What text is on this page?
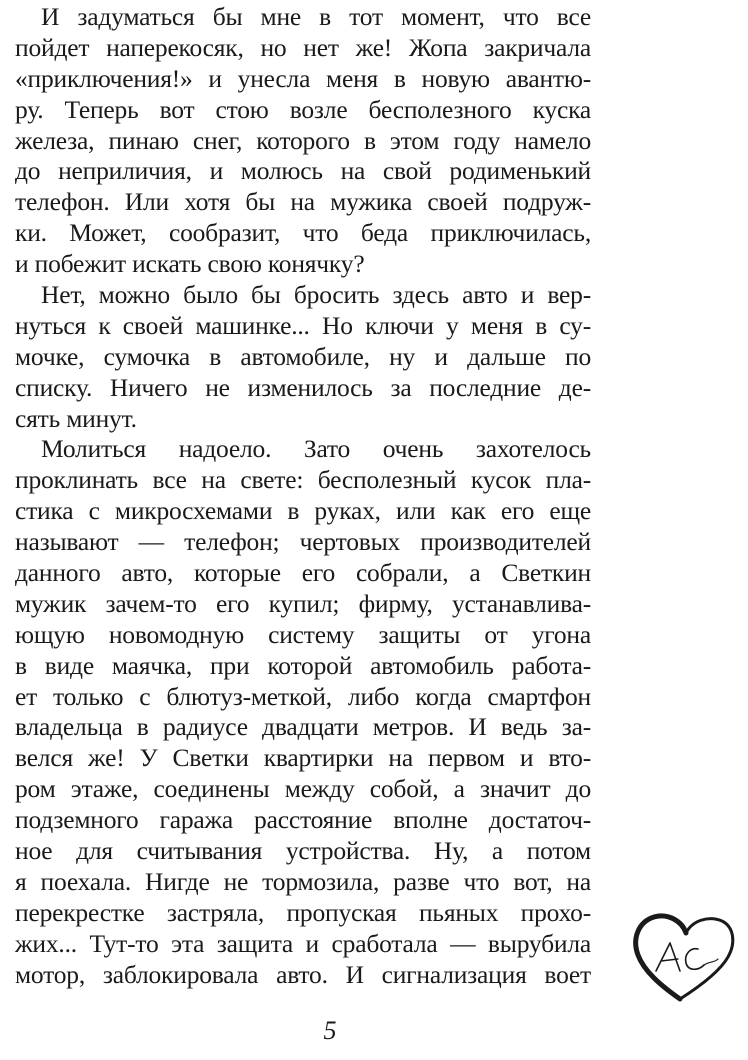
И задуматься бы мне в тот момент, что все
пойдет наперекосяк, но нет же! Жопа закричала
«приключения!» и унесла меня в новую авантю-
ру. Теперь вот стою возле бесполезного куска
железа, пинаю снег, которого в этом году намело
до неприличия, и молюсь на свой родименький
телефон. Или хотя бы на мужика своей подруж-
ки. Может, сообразит, что беда приключилась,
и побежит искать свою конячку?
Нет, можно было бы бросить здесь авто и вер-
нуться к своей машинке... Но ключи у меня в су-
мочке, сумочка в автомобиле, ну и дальше по
списку. Ничего не изменилось за последние де-
сять минут.
Молиться надоело. Зато очень захотелось
проклинать все на свете: бесполезный кусок пла-
стика с микросхемами в руках, или как его еще
называют — телефон; чертовых производителей
данного авто, которые его собрали, а Светкин
мужик зачем-то его купил; фирму, устанавлива-
ющую новомодную систему защиты от угона
в виде маячка, при которой автомобиль работа-
ет только с блютуз-меткой, либо когда смартфон
владельца в радиусе двадцати метров. И ведь за-
велся же! У Светки квартирки на первом и вто-
ром этаже, соединены между собой, а значит до
подземного гаража расстояние вполне достаточ-
ное для считывания устройства. Ну, а потом
я поехала. Нигде не тормозила, разве что вот, на
перекрестке застряла, пропуская пьяных прохо-
жих... Тут-то эта защита и сработала — вырубила
мотор, заблокировала авто. И сигнализация воет
5
